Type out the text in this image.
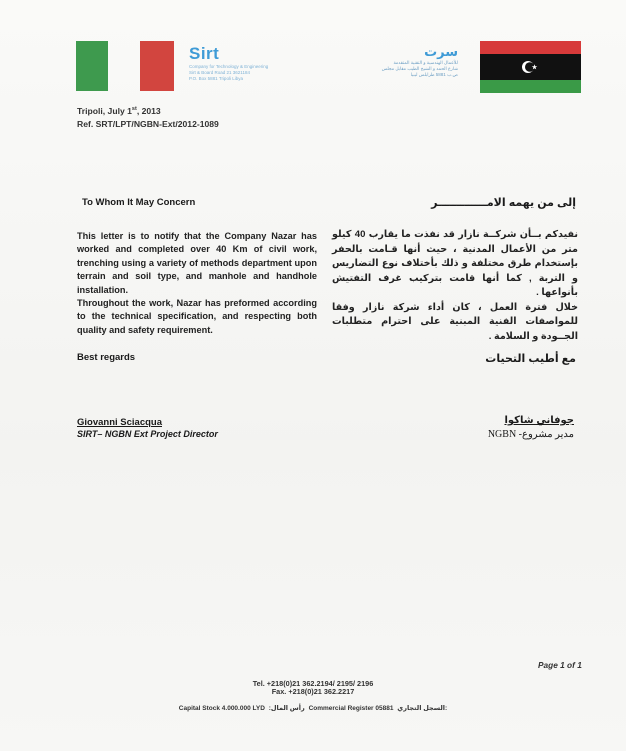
Sirt
Company for Technology & Engineering
Sirt & Board Road 21 3621184
P.O. Box 5881 Tripoli Libya
سرت
للأعمال الهندسية و التقنية المتقدمة
شارع الحمد و الشيخ الطيب مقابل مجلس
ص.ب 5881 طرابلس ليبيا
Tripoli, July 1st, 2013
Ref. SRT/LPT/NGBN-Ext/2012-1089
To Whom It May Concern	إلى من يهمه الامـــــــــــــر

This letter is to notify that the Company Nazar has worked and completed over 40 Km of civil work, trenching using a variety of methods department upon terrain and soil type, and manhole and handhole installation.

Throughout the work, Nazar has preformed according to the technical specification, and respecting both quality and safety requirement.

نفيدكم بــأن شركــة نازار قد نفذت ما يقارب 40 كيلو متر من الأعمال المدنية ، حيث أنها قـامت بالحفر بإستخدام طرق مختلفة و ذلك بأختلاف نوع التضاريس و التربة , كما أنها قامت بتركيب غرف التفتيش بأنواعها .

خلال فترة العمل ، كان أداء شركة نازار وفقا للمواصفات الفنية المبنية على احترام متطلبات الجــودة و السلامة .

Best regards	مع أطيب التحيات
Giovanni Sciacqua
SIRT– NGBN Ext Project Director
جوفاني شاكوا
مدير مشروع- NGBN
Page 1 of 1
Tel. +218(0)21 362.2194/ 2195/ 2196
Fax. +218(0)21 362.2217
Capital Stock 4.000.000 LYD :رأس المال Commercial Register 05881 السجل التجاري:
